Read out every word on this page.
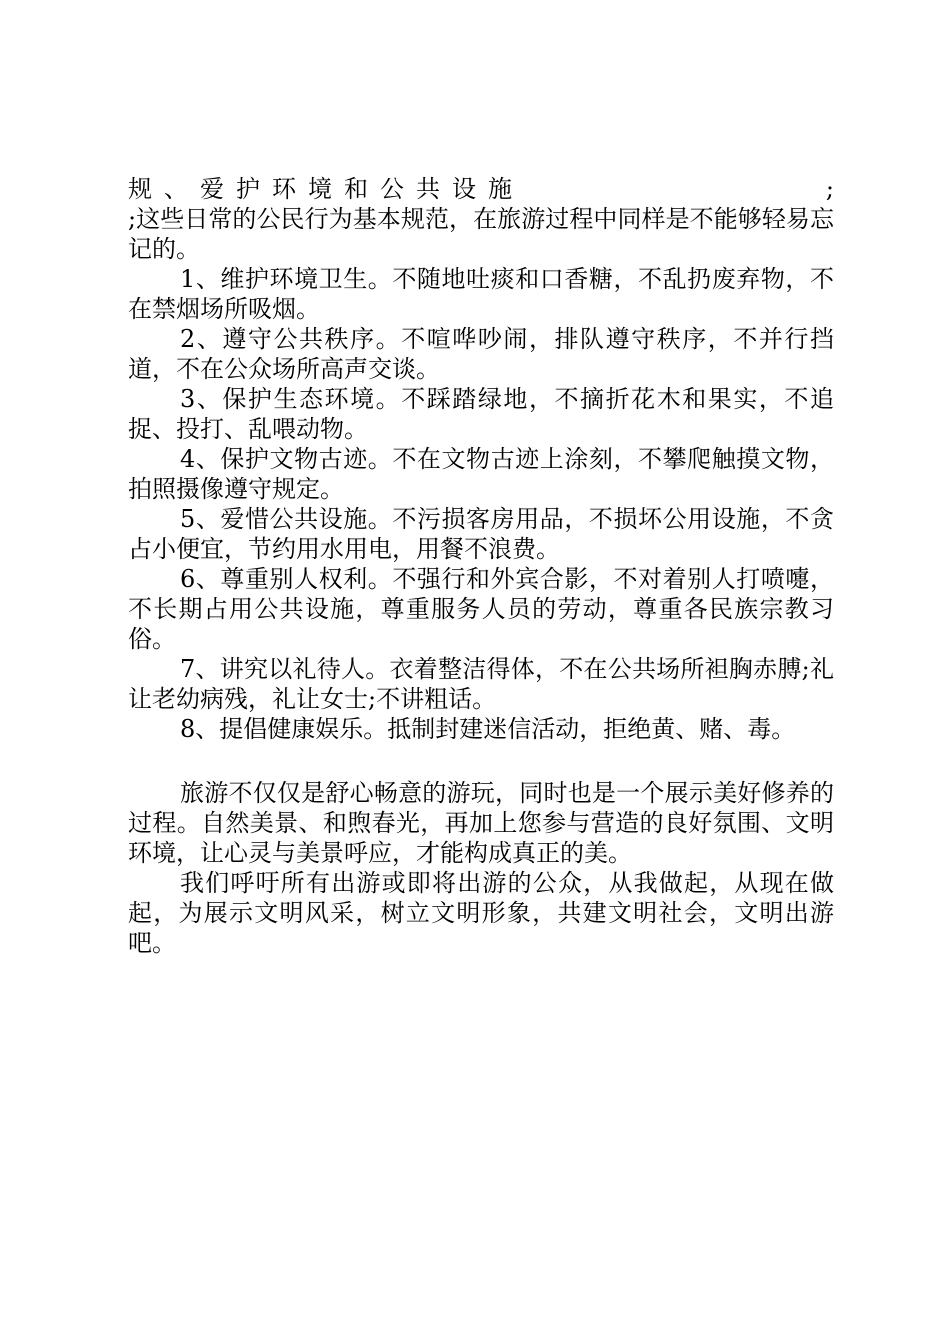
规、爱护环境和公共设施	;

;这些日常的公民行为基本规范，在旅游过程中同样是不能够轻易忘记的。

1、维护环境卫生。不随地吐痰和口香糖，不乱扔废弃物，不在禁烟场所吸烟。

2、遵守公共秩序。不喧哗吵闹，排队遵守秩序，不并行挡道，不在公众场所高声交谈。

3、保护生态环境。不踩踏绿地，不摘折花木和果实，不追捉、投打、乱喂动物。

4、保护文物古迹。不在文物古迹上涂刻，不攀爬触摸文物，拍照摄像遵守规定。

5、爱惜公共设施。不污损客房用品，不损坏公用设施，不贪占小便宜，节约用水用电，用餐不浪费。

6、尊重别人权利。不强行和外宾合影，不对着别人打喷嚏，不长期占用公共设施，尊重服务人员的劳动，尊重各民族宗教习俗。

7、讲究以礼待人。衣着整洁得体，不在公共场所袒胸赤膊;礼让老幼病残，礼让女士;不讲粗话。

8、提倡健康娱乐。抵制封建迷信活动，拒绝黄、赌、毒。

旅游不仅仅是舒心畅意的游玩，同时也是一个展示美好修养的过程。自然美景、和煦春光，再加上您参与营造的良好氛围、文明环境，让心灵与美景呼应，才能构成真正的美。

我们呼吁所有出游或即将出游的公众，从我做起，从现在做起，为展示文明风采，树立文明形象，共建文明社会，文明出游吧。
